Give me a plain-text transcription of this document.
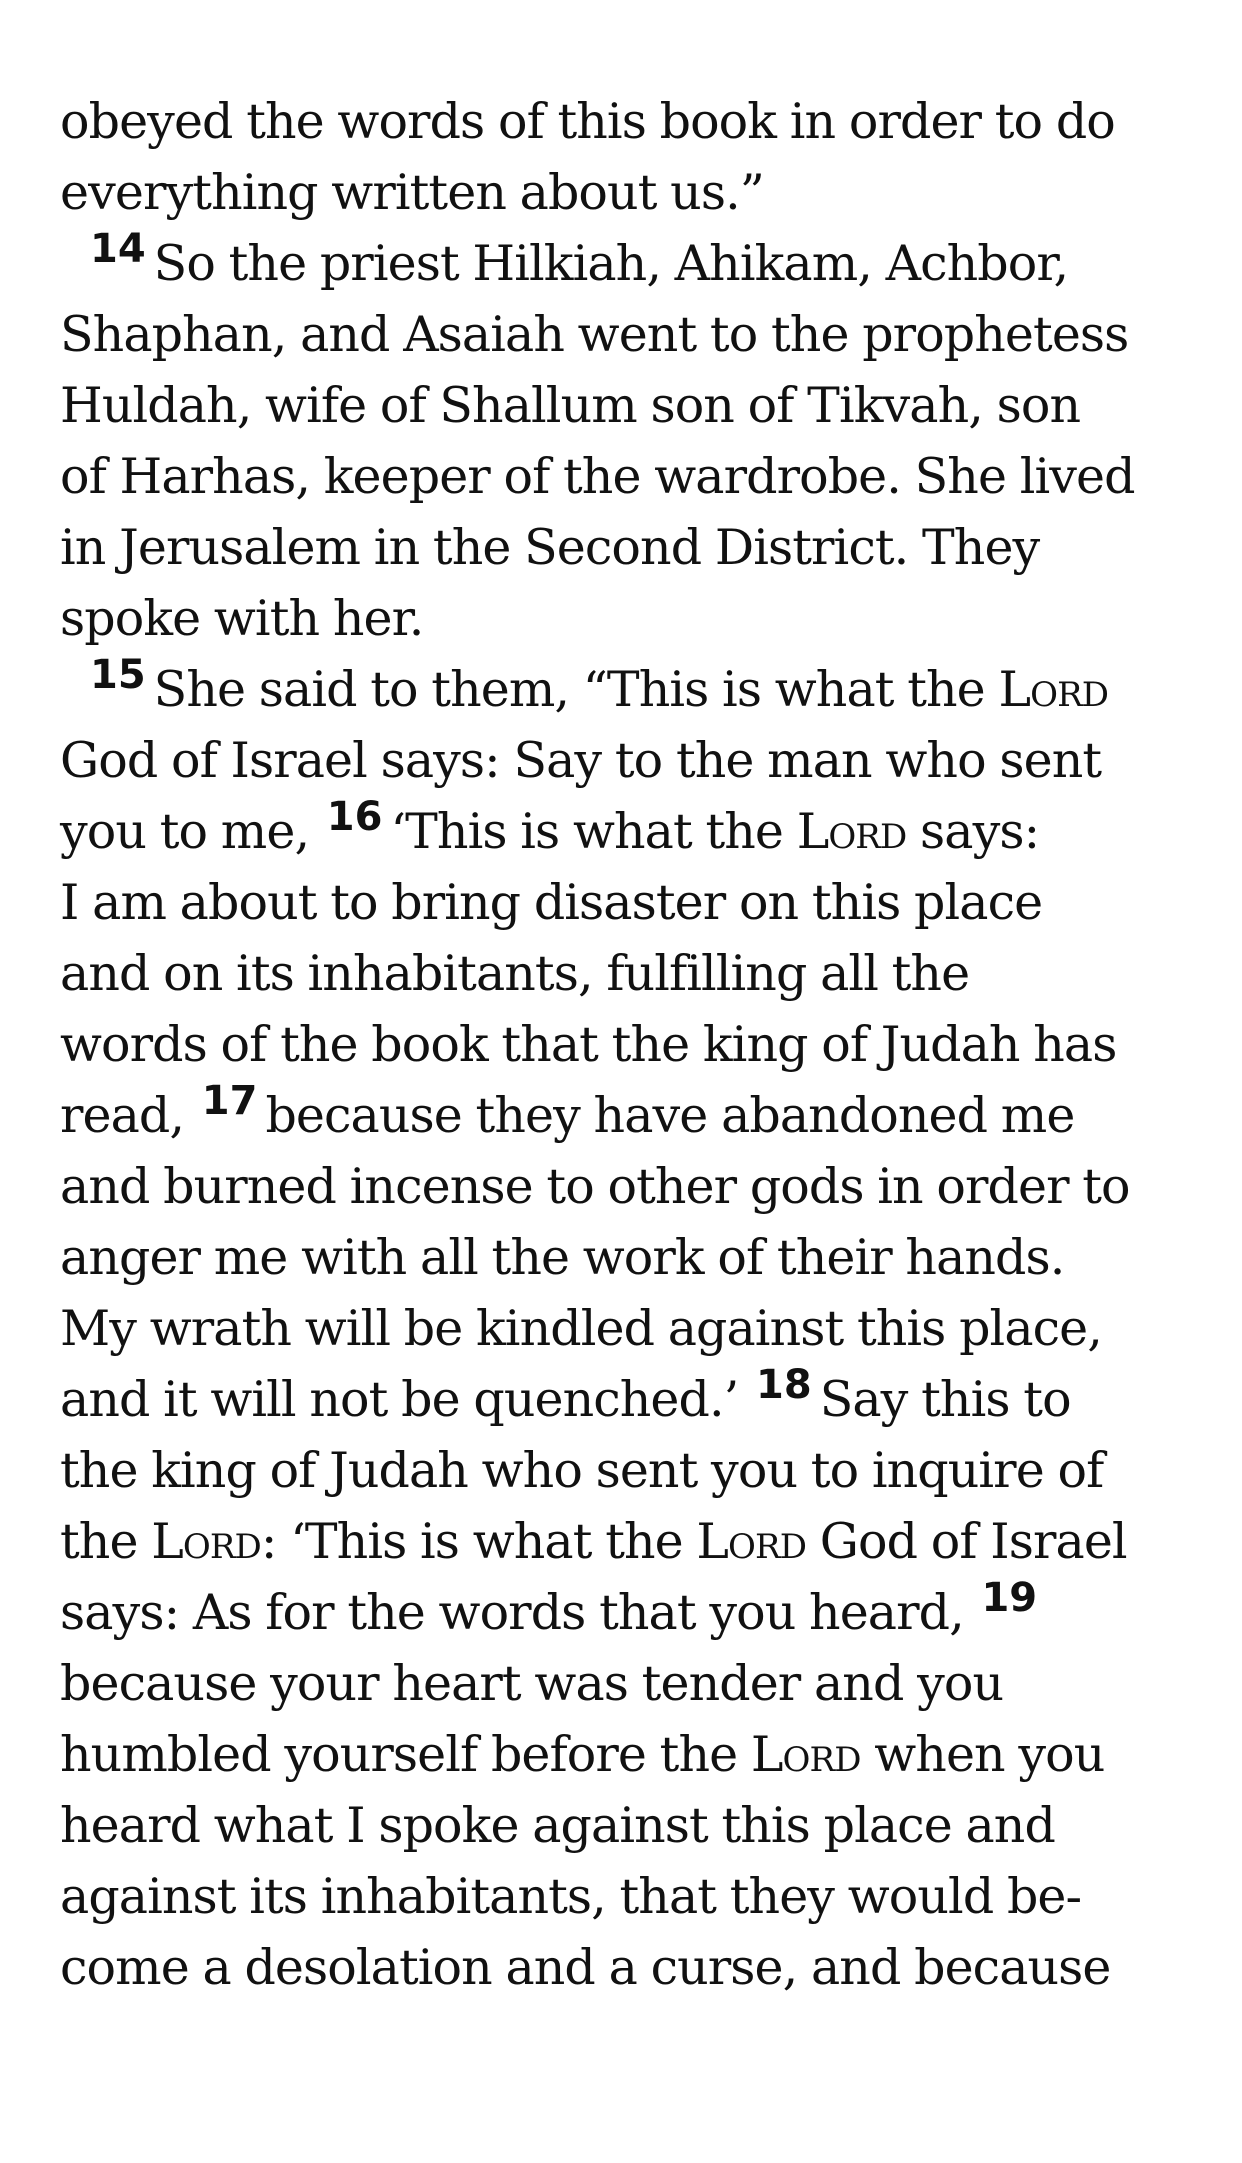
obeyed the words of this book in order to do
everything written about us.”
$^{14}$ So the priest Hilkiah, Ahikam, Achbor,
Shaphan, and Asaiah went to the prophetess
Huldah, wife of Shallum son of Tikvah, son
of Harhas, keeper of the wardrobe. She lived
in Jerusalem in the Second District. They
spoke with her.
$^{15}$ She said to them, “This is what the Lord
God of Israel says: Say to the man who sent
you to me, $^{16}$ ‘This is what the Lord says:
I am about to bring disaster on this place
and on its inhabitants, fulfilling all the
words of the book that the king of Judah has
read, $^{17}$ because they have abandoned me
and burned incense to other gods in order to
anger me with all the work of their hands.
My wrath will be kindled against this place,
and it will not be quenched.’ $^{18}$ Say this to
the king of Judah who sent you to inquire of
the Lord: ‘This is what the Lord God of Israel
says: As for the words that you heard, $^{19}$
because your heart was tender and you
humbled yourself before the Lord when you
heard what I spoke against this place and
against its inhabitants, that they would be-
come a desolation and a curse, and because
